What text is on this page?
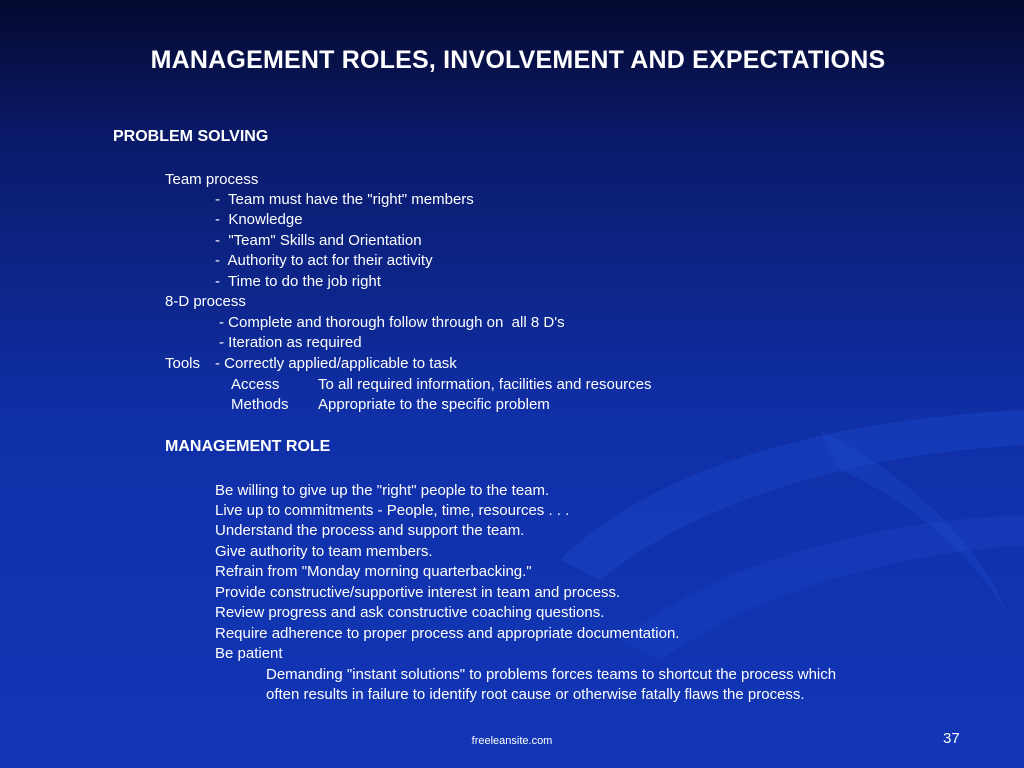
MANAGEMENT ROLES, INVOLVEMENT AND EXPECTATIONS
PROBLEM SOLVING
Team process
-  Team must have the "right" members
-  Knowledge
-  "Team" Skills and Orientation
-  Authority to act for their activity
-  Time to do the job right
8-D process
- Complete and thorough follow through on  all 8 D's
- Iteration as required
Tools - Correctly applied/applicable to task
Access	To all required information, facilities and resources
Methods Appropriate to the specific problem
MANAGEMENT ROLE
Be willing to give up the "right" people to the team.
Live up to commitments - People, time, resources . . .
Understand the process and support the team.
Give authority to team members.
Refrain from "Monday morning quarterbacking."
Provide constructive/supportive interest in team and process.
Review progress and ask constructive coaching questions.
Require adherence to proper process and appropriate documentation.
Be patient
Demanding "instant solutions" to problems forces teams to shortcut the process which
often results in failure to identify root cause or otherwise fatally flaws the process.
freeleansite.com	37
